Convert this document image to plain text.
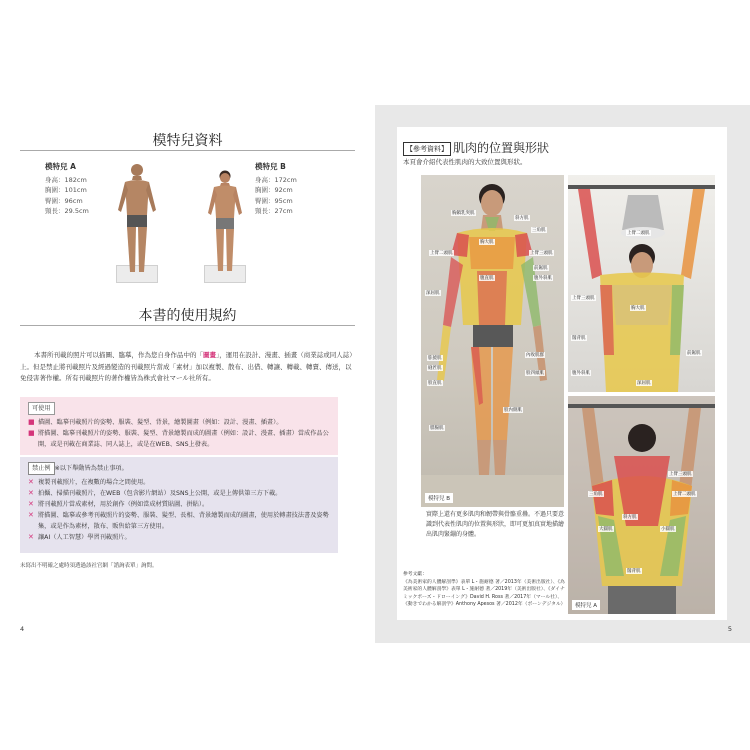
模特兒資料
模特兒 A
身高：182cm
胸圍：101cm
臀圍：96cm
頸長：29.5cm
模特兒 B
身高：172cm
胸圍：92cm
臀圍：95cm
頸長：27cm
本書的使用規約
本書所刊載的照片可以描圖、臨摹，作為您自身作品中的「圖畫」，運用在設計、漫畫、插畫（商業誌或同人誌）上。但是禁止將刊載照片及經過變造的刊載照片當成「素材」加以複製、散布、出借、轉讓、轉載、轉賣、傳送，以免侵害著作權。所有刊載照片的著作權皆為株式會社マール社所有。
可使用
■ 描圖、臨摹刊載照片的姿勢、服裝、髮型、背景，繪製圖畫（例如：設計、漫畫、插畫）。
■ 將描圖、臨摹刊載照片的姿勢、服裝、髮型、背景繪製而成的圖畫（例如：設計、漫畫、插畫）當成作品公開，或是刊載在商業誌、同人誌上，或是在WEB、SNS上發表。
禁止例 ※以下舉動皆為禁止事項。
✕ 複製刊載照片，在複數的場合之間使用。
✕ 拍攝、掃描刊載照片，在WEB（包含影片網站）及SNS上公開，或是上傳供第三方下載。
✕ 將刊載照片當成素材，用於創作（例如當成材質貼圖、拼貼）。
✕ 將描圖、臨摹或參考刊載照片的姿勢、服裝、髮型、長相、背景繪製而成的圖畫，使用於轉畫技法書及姿勢集，或是作為素材，散布、販售給第三方使用。
✕ 讓AI（人工智慧）學習刊載照片。
未寫出不明確之處時須透過該社官網「諮詢表單」詢問。
4
【參考資料】 肌肉的位置與形狀
本頁會介紹代表性肌肉的大致位置與形狀。
胸鎖乳突肌
斜方肌
三角肌
胸大肌
上臂二頭肌	上臂三頭肌
腹直肌
前鋸肌
腹外斜肌
深屈肌
肱撓肌
內收肌群
縫匠肌
股四頭肌
股直肌
股內側肌
腓腸肌
模特兒 B
上臂二頭肌
上臂三頭肌
胸大肌
闊背肌
前鋸肌
腹外斜肌
深屈肌
上臂三頭肌
三角肌
斜方肌
大圓肌	小圓肌
闊背肌
上臂二頭肌
模特兒 A
實際上還有更多肌肉和韌帶與骨骼重疊。不過只要意識到代表性肌肉的位置與形狀，即可更加真實地描繪出肌肉緊繃的身體。
參考文獻：
《為美術家的人體解剖學》表單 L・施耐德 著／2013年（美術出版社）、《為美術家的人體解剖學》表單 L・施耐德 著／2019年（美術出版社）、《ダイナミックポーズ・ドローイング》David H. Ross 著／2017年（マール社）、《動きでわかる解剖学》Anthony Apesos 著／2012年（ボーンデジタル）
5
